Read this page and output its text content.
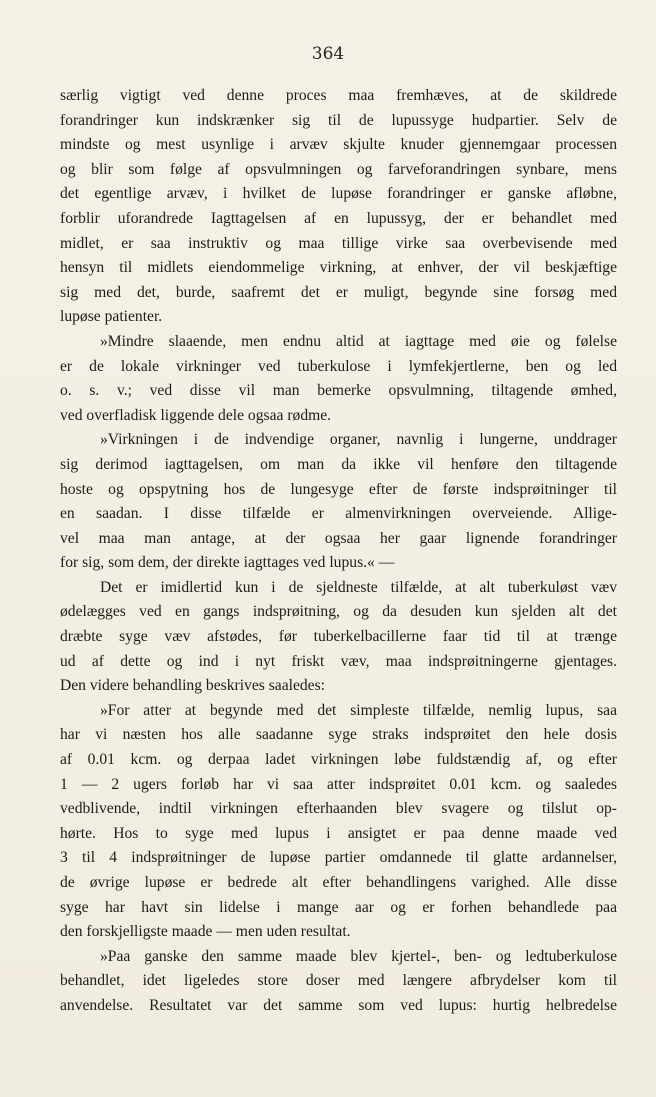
364
særlig vigtigt ved denne proces maa fremhæves, at de skildrede
forandringer kun indskrænker sig til de lupussyge hudpartier. Selv de
mindste og mest usynlige i arvæv skjulte knuder gjennemgaar processen
og blir som følge af opsvulmningen og farveforandringen synbare, mens
det egentlige arvæv, i hvilket de lupøse forandringer er ganske afløbne,
forblir uforandrede Iagttagelsen af en lupussyg, der er behandlet med
midlet, er saa instruktiv og maa tillige virke saa overbevisende med
hensyn til midlets eiendommelige virkning, at enhver, der vil beskjæftige
sig med det, burde, saafremt det er muligt, begynde sine forsøg med
lupøse patienter.
»Mindre slaaende, men endnu altid at iagttage med øie og følelse
er de lokale virkninger ved tuberkulose i lymfekjertlerne, ben og led
o. s. v.; ved disse vil man bemerke opsvulmning, tiltagende ømhed,
ved overfladisk liggende dele ogsaa rødme.
»Virkningen i de indvendige organer, navnlig i lungerne, unddrager
sig derimod iagttagelsen, om man da ikke vil henføre den tiltagende
hoste og opspytning hos de lungesyge efter de første indsprøitninger til
en saadan. I disse tilfælde er almenvirkningen overveiende. Allige-
vel maa man antage, at der ogsaa her gaar lignende forandringer
for sig, som dem, der direkte iagttages ved lupus.« —
Det er imidlertid kun i de sjeldneste tilfælde, at alt tuberkuløst væv
ødelægges ved en gangs indsprøitning, og da desuden kun sjelden alt det
dræbte syge væv afstødes, før tuberkelbacillerne faar tid til at trænge
ud af dette og ind i nyt friskt væv, maa indsprøitningerne gjentages.
Den videre behandling beskrives saaledes:
»For atter at begynde med det simpleste tilfælde, nemlig lupus, saa
har vi næsten hos alle saadanne syge straks indsprøitet den hele dosis
af 0.01 kcm. og derpaa ladet virkningen løbe fuldstændig af, og efter
1 — 2 ugers forløb har vi saa atter indsprøitet 0.01 kcm. og saaledes
vedblivende, indtil virkningen efterhaanden blev svagere og tilslut op-
hørte. Hos to syge med lupus i ansigtet er paa denne maade ved
3 til 4 indsprøitninger de lupøse partier omdannede til glatte ardannelser,
de øvrige lupøse er bedrede alt efter behandlingens varighed. Alle disse
syge har havt sin lidelse i mange aar og er forhen behandlede paa
den forskjelligste maade — men uden resultat.
»Paa ganske den samme maade blev kjertel-, ben- og ledtuberkulose
behandlet, idet ligeledes store doser med længere afbrydelser kom til
anvendelse. Resultatet var det samme som ved lupus: hurtig helbredelse
